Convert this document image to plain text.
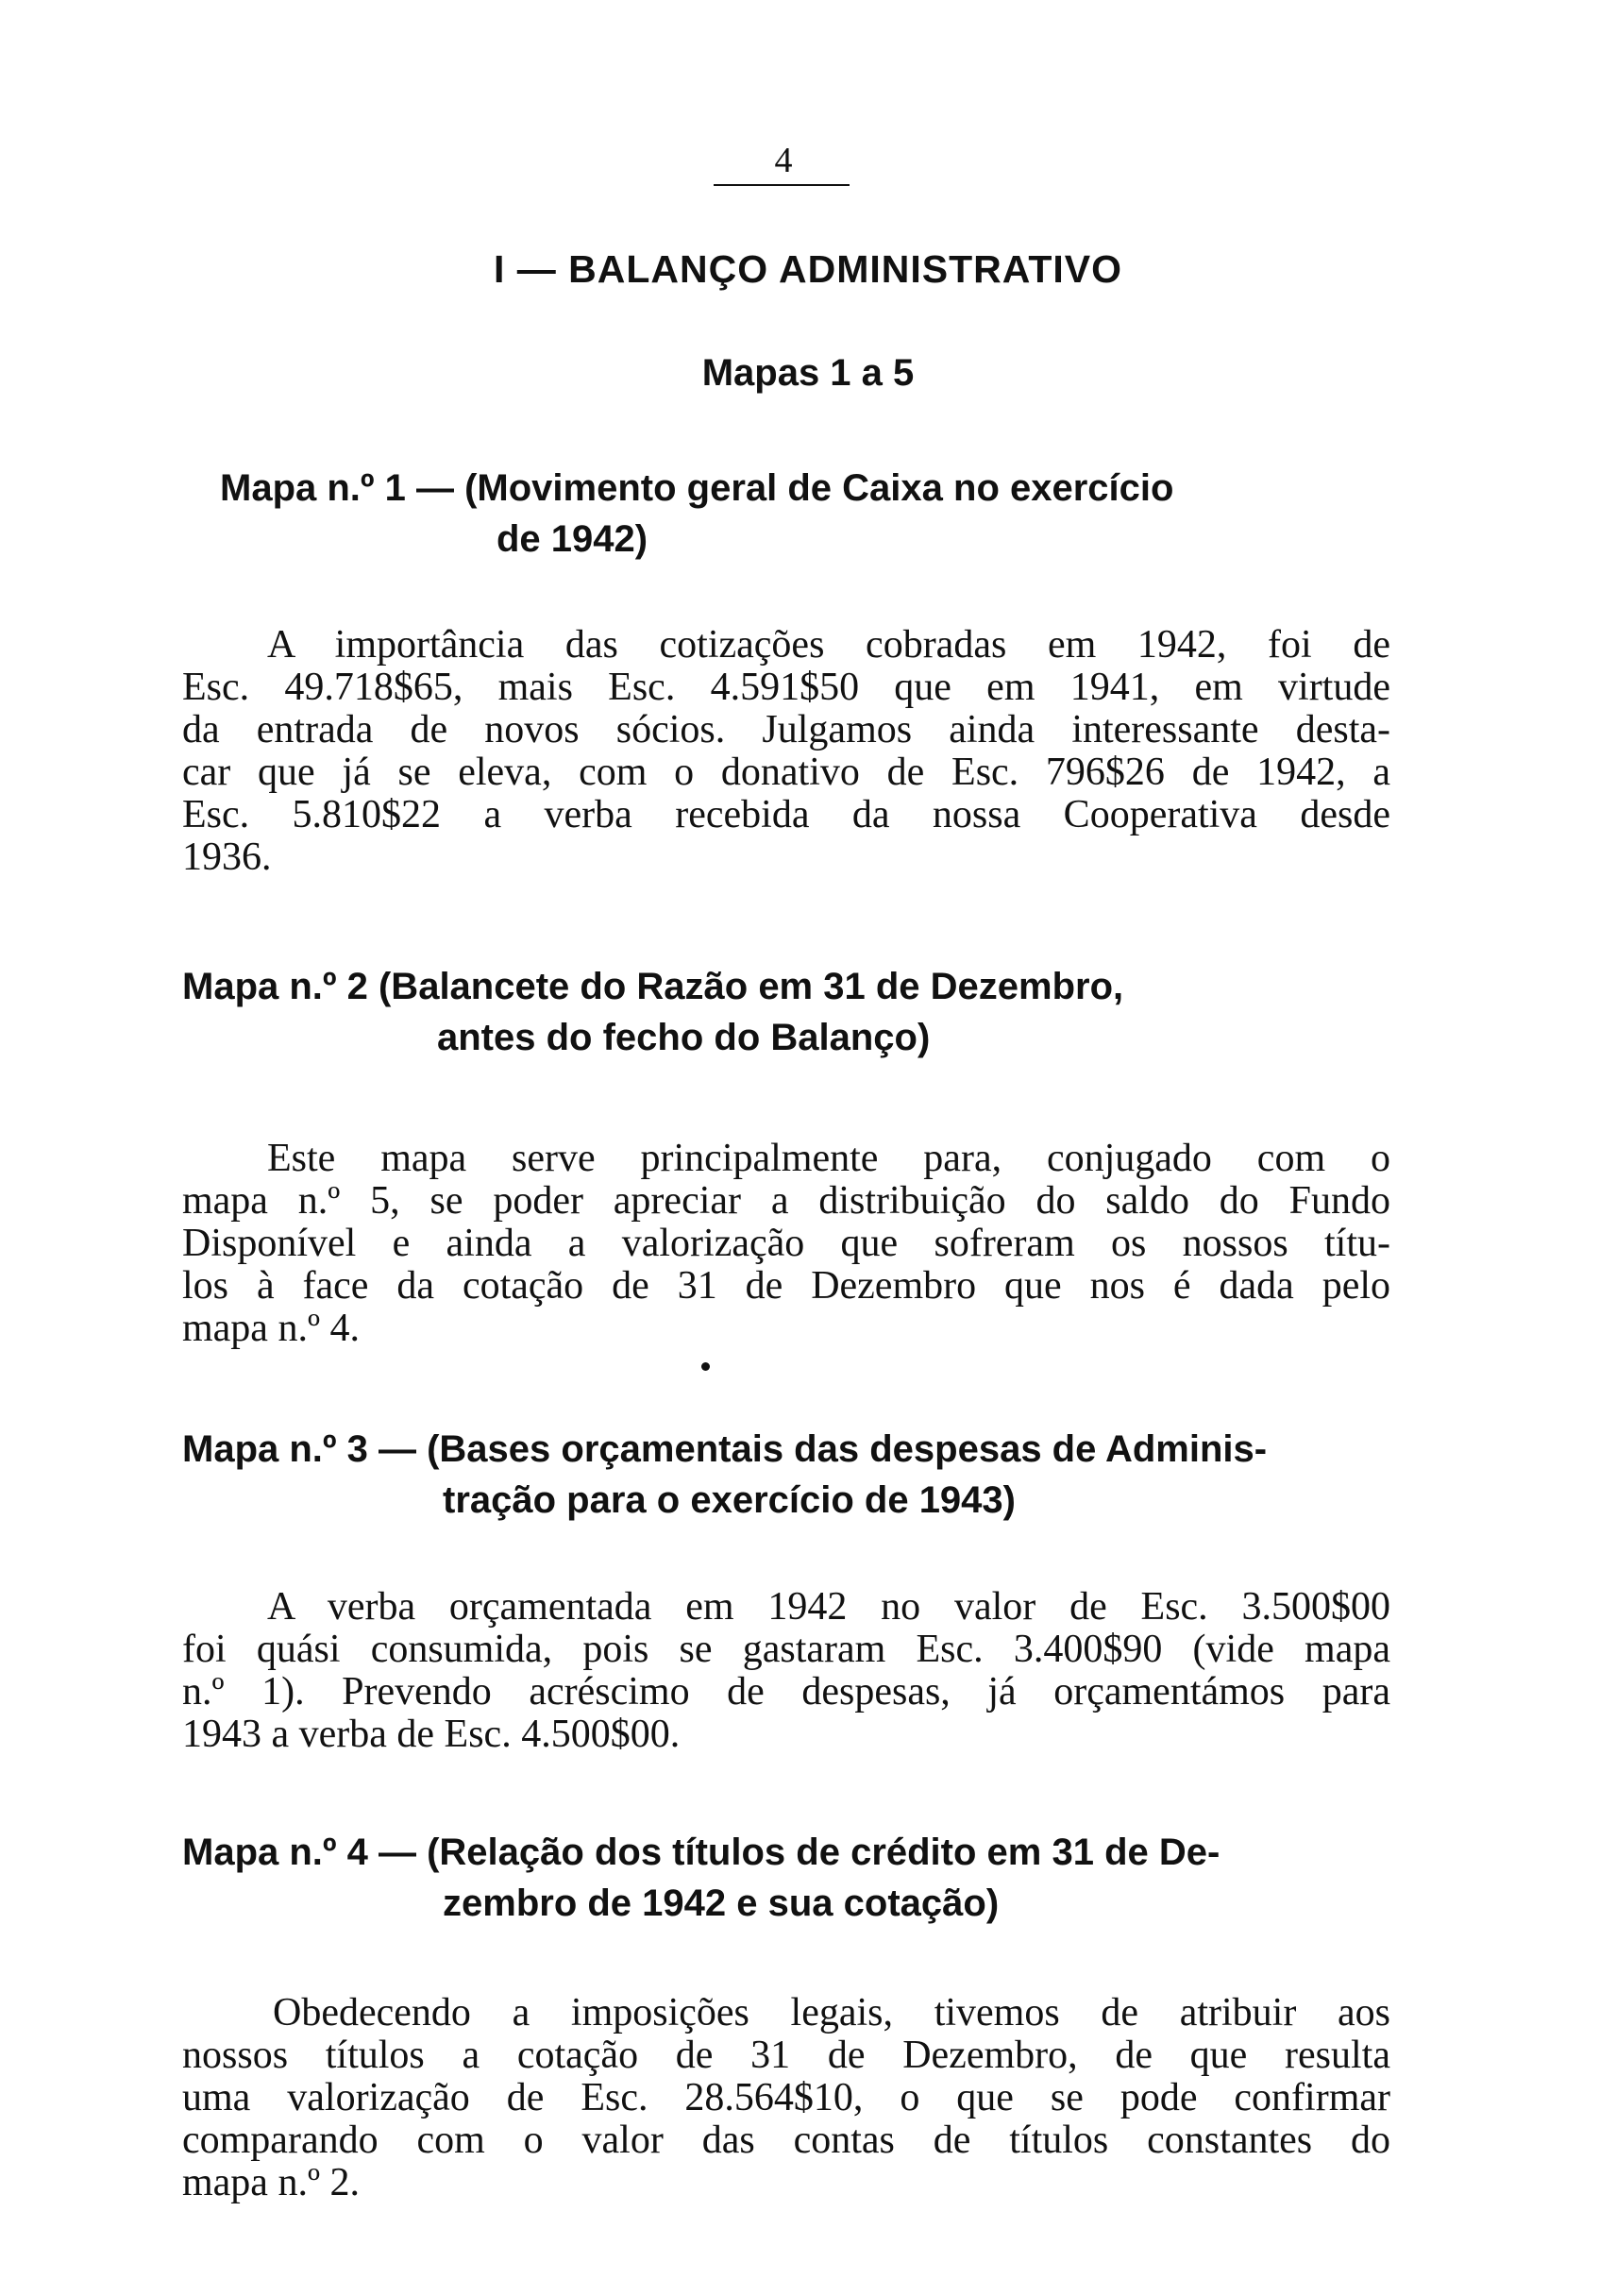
4
I — BALANÇO ADMINISTRATIVO
Mapas 1 a 5
Mapa n.º 1 — (Movimento geral de Caixa no exercício
de 1942)
A importância das cotizações cobradas em 1942, foi de
Esc. 49.718$65, mais Esc. 4.591$50 que em 1941, em virtude
da entrada de novos sócios. Julgamos ainda interessante desta-
car que já se eleva, com o donativo de Esc. 796$26 de 1942, a
Esc. 5.810$22 a verba recebida da nossa Cooperativa desde
1936.
Mapa n.º 2 (Balancete do Razão em 31 de Dezembro,
antes do fecho do Balanço)
Este mapa serve principalmente para, conjugado com o
mapa n.º 5, se poder apreciar a distribuição do saldo do Fundo
Disponível e ainda a valorização que sofreram os nossos títu-
los à face da cotação de 31 de Dezembro que nos é dada pelo
mapa n.º 4.
Mapa n.º 3 — (Bases orçamentais das despesas de Adminis-
tração para o exercício de 1943)
A verba orçamentada em 1942 no valor de Esc. 3.500$00
foi quási consumida, pois se gastaram Esc. 3.400$90 (vide mapa
n.º 1). Prevendo acréscimo de despesas, já orçamentámos para
1943 a verba de Esc. 4.500$00.
Mapa n.º 4 — (Relação dos títulos de crédito em 31 de De-
zembro de 1942 e sua cotação)
Obedecendo a imposições legais, tivemos de atribuir aos
nossos títulos a cotação de 31 de Dezembro, de que resulta
uma valorização de Esc. 28.564$10, o que se pode confirmar
comparando com o valor das contas de títulos constantes do
mapa n.º 2.
